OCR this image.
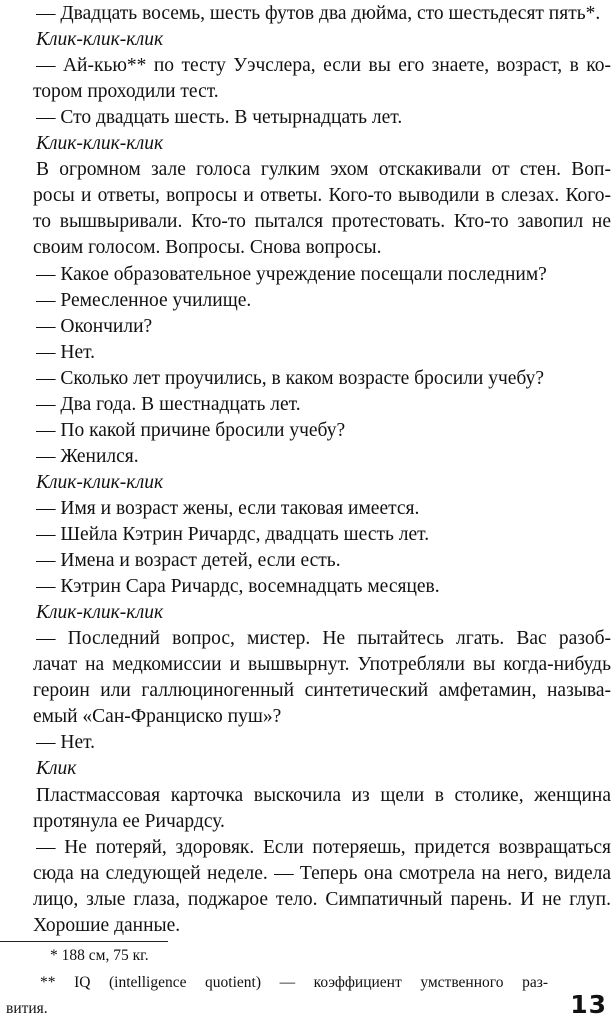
— Двадцать восемь, шесть футов два дюйма, сто шестьдесят пять*.
Клик-клик-клик
— Ай-кью** по тесту Уэчслера, если вы его знаете, возраст, в ко-
тором проходили тест.
— Сто двадцать шесть. В четырнадцать лет.
Клик-клик-клик
В огромном зале голоса гулким эхом отскакивали от стен. Воп-
росы и ответы, вопросы и ответы. Кого-то выводили в слезах. Кого-
то вышвыривали. Кто-то пытался протестовать. Кто-то завопил не
своим голосом. Вопросы. Снова вопросы.
— Какое образовательное учреждение посещали последним?
— Ремесленное училище.
— Окончили?
— Нет.
— Сколько лет проучились, в каком возрасте бросили учебу?
— Два года. В шестнадцать лет.
— По какой причине бросили учебу?
— Женился.
Клик-клик-клик
— Имя и возраст жены, если таковая имеется.
— Шейла Кэтрин Ричардс, двадцать шесть лет.
— Имена и возраст детей, если есть.
— Кэтрин Сара Ричардс, восемнадцать месяцев.
Клик-клик-клик
— Последний вопрос, мистер. Не пытайтесь лгать. Вас разоб-
лачат на медкомиссии и вышвырнут. Употребляли вы когда-нибудь
героин или галлюциногенный синтетический амфетамин, называ-
емый «Сан-Франциско пуш»?
— Нет.
Клик
Пластмассовая карточка выскочила из щели в столике, женщина
протянула ее Ричардсу.
— Не потеряй, здоровяк. Если потеряешь, придется возвращаться
сюда на следующей неделе. — Теперь она смотрела на него, видела
лицо, злые глаза, поджарое тело. Симпатичный парень. И не глуп.
Хорошие данные.
* 188 см, 75 кг.
** IQ (intelligence quotient) — коэффициент умственного раз-
вития.	13
